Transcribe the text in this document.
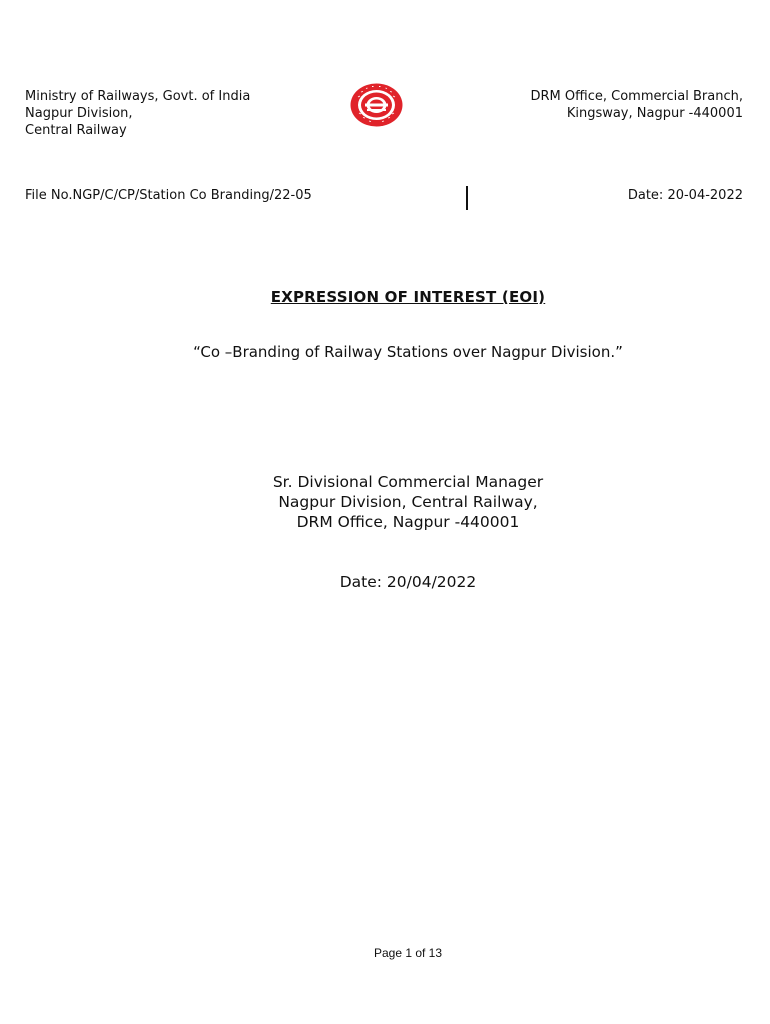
Ministry of Railways, Govt. of India
Nagpur Division,
Central Railway
DRM Office, Commercial Branch,
Kingsway, Nagpur -440001
File No.NGP/C/CP/Station Co Branding/22-05	Date: 20-04-2022
EXPRESSION OF INTEREST (EOI)
“Co –Branding of Railway Stations over Nagpur Division.”
Sr. Divisional Commercial Manager
Nagpur Division, Central Railway,
DRM Office, Nagpur -440001
Date: 20/04/2022
Page 1 of 13
